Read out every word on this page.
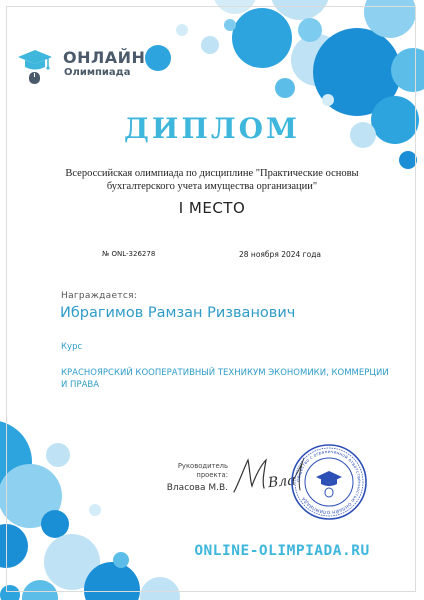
ОНЛАЙН
Олимпиада
ДИПЛОМ
Всероссийская олимпиада по дисциплине "Практические основы бухгалтерского учета имущества организации"
I МЕСТО
№ ONL-326278	28 ноября 2024 года
Награждается:
Ибрагимов Рамзан Ризванович
Курс
КРАСНОЯРСКИЙ КООПЕРАТИВНЫЙ ТЕХНИКУМ ЭКОНОМИКИ, КОММЕРЦИИ И ПРАВА
Руководитель проекта:
Власова М.В.	Вла Общество с ограниченной ответственностью ОНЛАЙН ОЛИМПИАДА
ONLINE-OLIMPIADA.RU
